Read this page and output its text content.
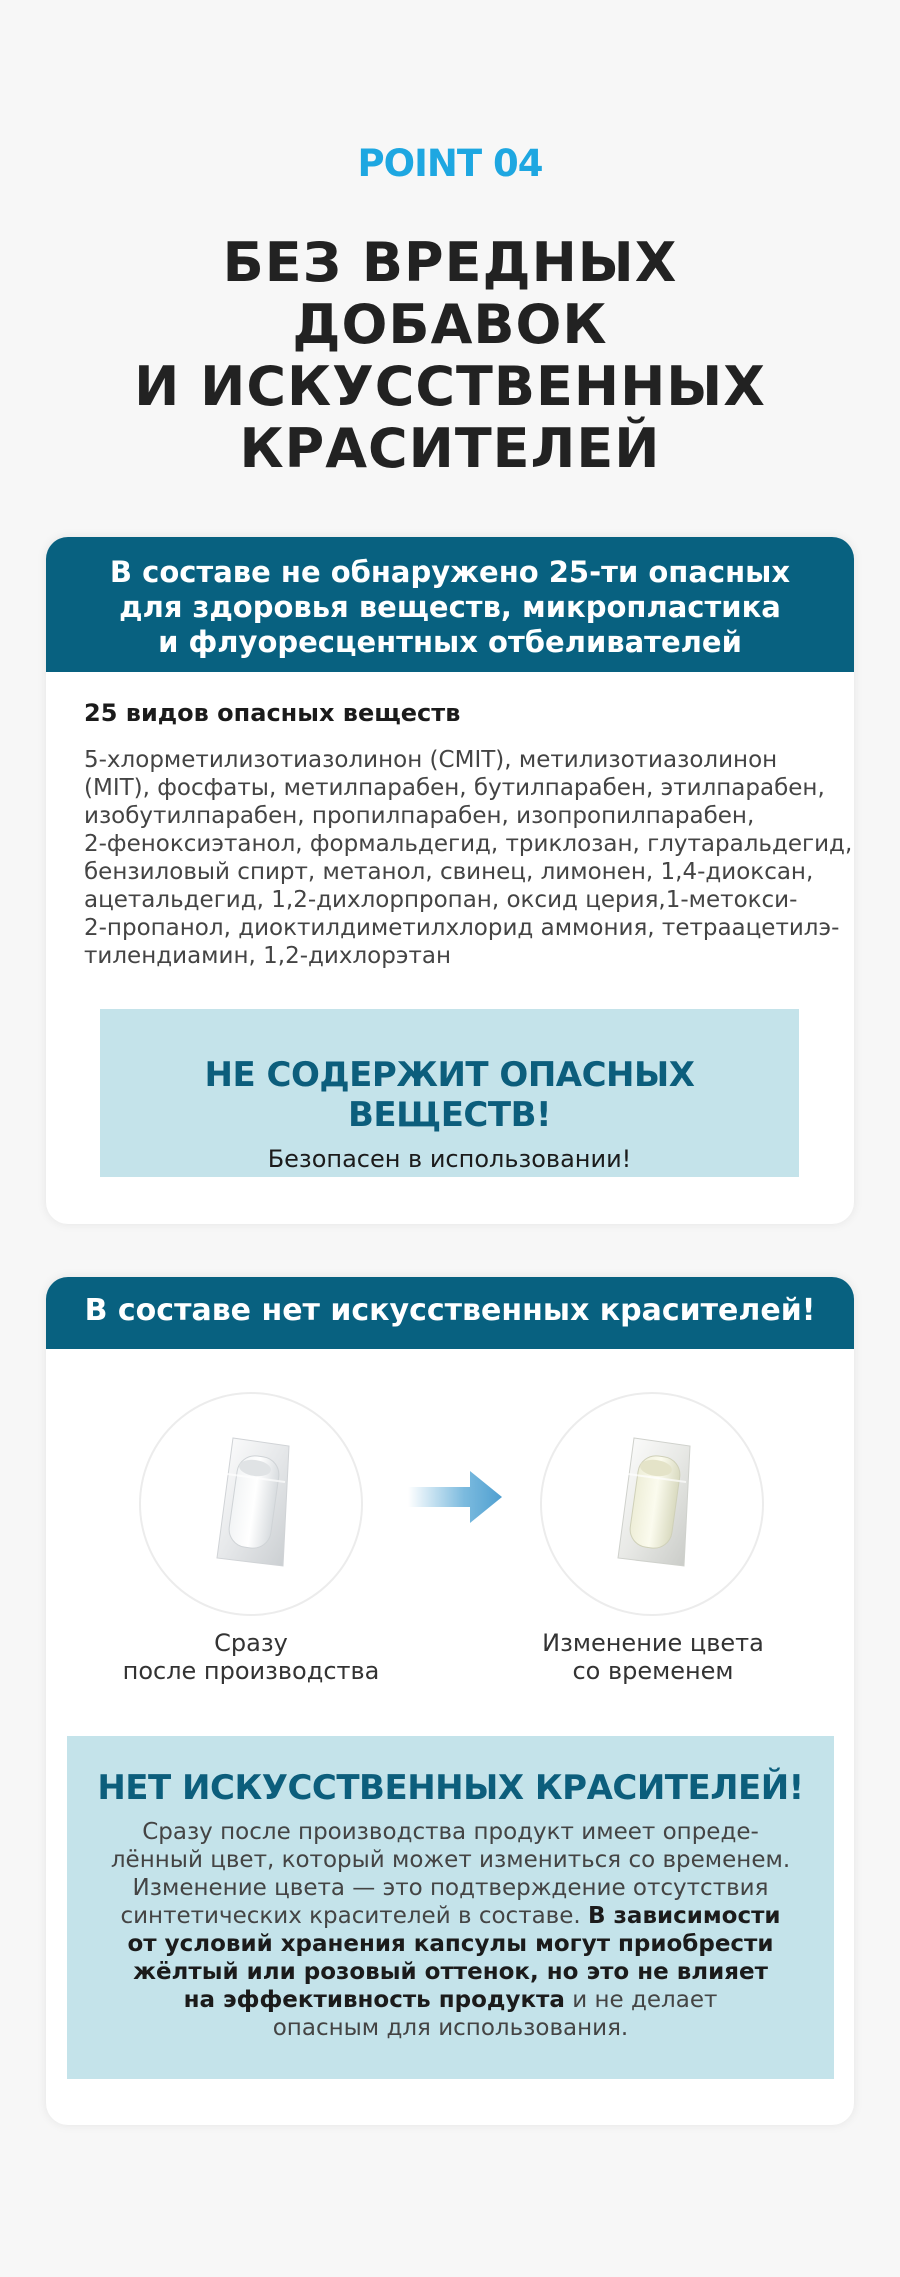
POINT 04
БЕЗ ВРЕДНЫХ
ДОБАВОК
И ИСКУССТВЕННЫХ
КРАСИТЕЛЕЙ
В составе не обнаружено 25-ти опасных
для здоровья веществ, микропластика
и флуоресцентных отбеливателей
25 видов опасных веществ
5-хлорметилизотиазолинон (CMIT), метилизотиазолинон
(MIT), фосфаты, метилпарабен, бутилпарабен, этилпарабен,
изобутилпарабен, пропилпарабен, изопропилпарабен,
2-феноксиэтанол, формальдегид, триклозан, глутаральдегид,
бензиловый спирт, метанол, свинец, лимонен, 1,4-диоксан,
ацетальдегид, 1,2-дихлорпропан, оксид церия,1-метокси-
2-пропанол, диоктилдиметилхлорид аммония, тетраацетилэ-
тилендиамин, 1,2-дихлорэтан
НЕ СОДЕРЖИТ ОПАСНЫХ ВЕЩЕСТВ!
Безопасен в использовании!
В составе нет искусственных красителей!
Сразу
после производства
Изменение цвета
со временем
НЕТ ИСКУССТВЕННЫХ КРАСИТЕЛЕЙ!
Сразу после производства продукт имеет опреде-
лённый цвет, который может измениться со временем.
Изменение цвета — это подтверждение отсутствия
синтетических красителей в составе. В зависимости
от условий хранения капсулы могут приобрести
жёлтый или розовый оттенок, но это не влияет
на эффективность продукта и не делает
опасным для использования.
